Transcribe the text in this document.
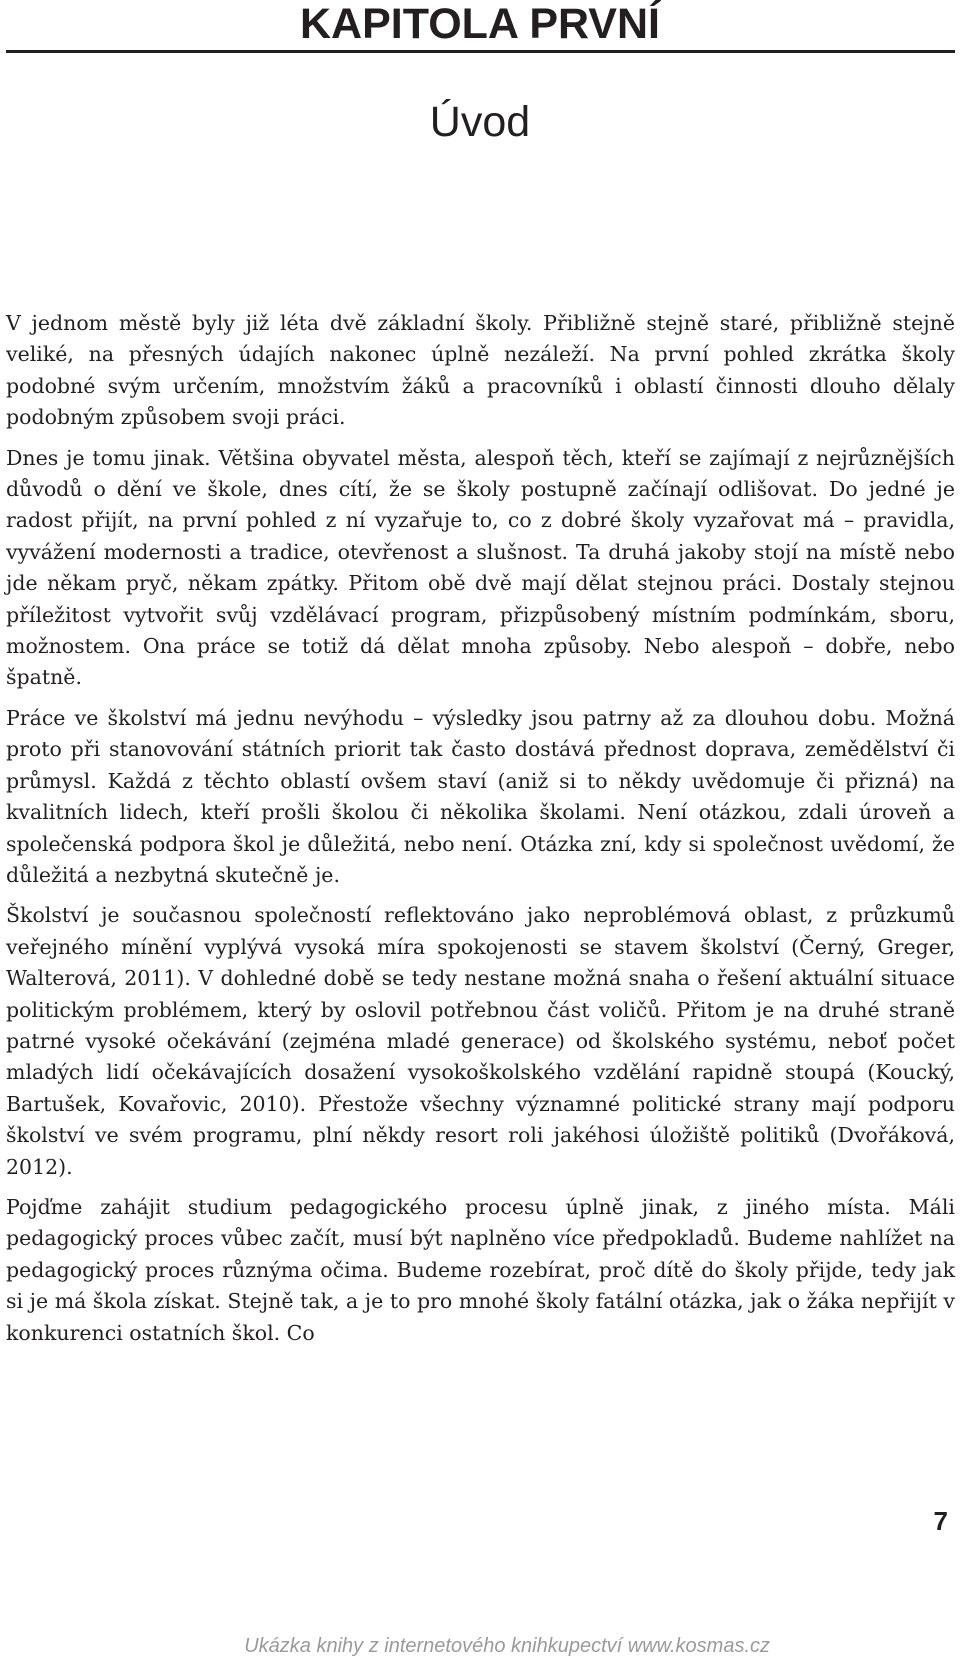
KAPITOLA PRVNÍ
Úvod

V jednom městě byly již léta dvě základní školy. Přibližně stejně staré, přibližně stejně veliké, na přesných údajích nakonec úplně nezáleží. Na první pohled zkrátka školy podobné svým určením, množstvím žáků a pracovníků i oblastí činnosti dlouho dělaly podobným způsobem svoji práci.

Dnes je tomu jinak. Většina obyvatel města, alespoň těch, kteří se zajímají z nejrůznějších důvodů o dění ve škole, dnes cítí, že se školy postupně začínají odlišovat. Do jedné je radost přijít, na první pohled z ní vyzařuje to, co z dobré školy vyzařovat má – pravidla, vyvážení modernosti a tradice, otevřenost a slušnost. Ta druhá jakoby stojí na místě nebo jde někam pryč, někam zpátky. Přitom obě dvě mají dělat stejnou práci. Dostaly stejnou příležitost vytvořit svůj vzdělávací program, přizpůsobený místním podmínkám, sboru, možnostem. Ona práce se totiž dá dělat mnoha způsoby. Nebo alespoň – dobře, nebo špatně.

Práce ve školství má jednu nevýhodu – výsledky jsou patrny až za dlouhou dobu. Možná proto při stanovování státních priorit tak často dostává přednost doprava, zemědělství či průmysl. Každá z těchto oblastí ovšem staví (aniž si to někdy uvědomuje či přizná) na kvalitních lidech, kteří prošli školou či několika školami. Není otázkou, zdali úroveň a společenská podpora škol je důležitá, nebo není. Otázka zní, kdy si společnost uvědomí, že důležitá a nezbytná skutečně je.

Školství je současnou společností reflektováno jako neproblémová oblast, z průzkumů veřejného mínění vyplývá vysoká míra spokojenosti se stavem školství (Černý, Greger, Walterová, 2011). V dohledné době se tedy nestane možná snaha o řešení aktuální situace politickým problémem, který by oslovil potřebnou část voličů. Přitom je na druhé straně patrné vysoké očekávání (zejména mladé generace) od školského systému, neboť počet mladých lidí očekávajících dosažení vysokoškolského vzdělání rapidně stoupá (Koucký, Bartušek, Kovařovic, 2010). Přestože všechny významné politické strany mají podporu školství ve svém programu, plní někdy resort roli jakéhosi úložiště politiků (Dvořáková, 2012).

Pojďme zahájit studium pedagogického procesu úplně jinak, z jiného místa. Máli pedagogický proces vůbec začít, musí být naplněno více předpokladů. Budeme nahlížet na pedagogický proces různýma očima. Budeme rozebírat, proč dítě do školy přijde, tedy jak si je má škola získat. Stejně tak, a je to pro mnohé školy fatální otázka, jak o žáka nepřijít v konkurenci ostatních škol. Co

7
Ukázka knihy z internetového knihkupectví www.kosmas.cz
